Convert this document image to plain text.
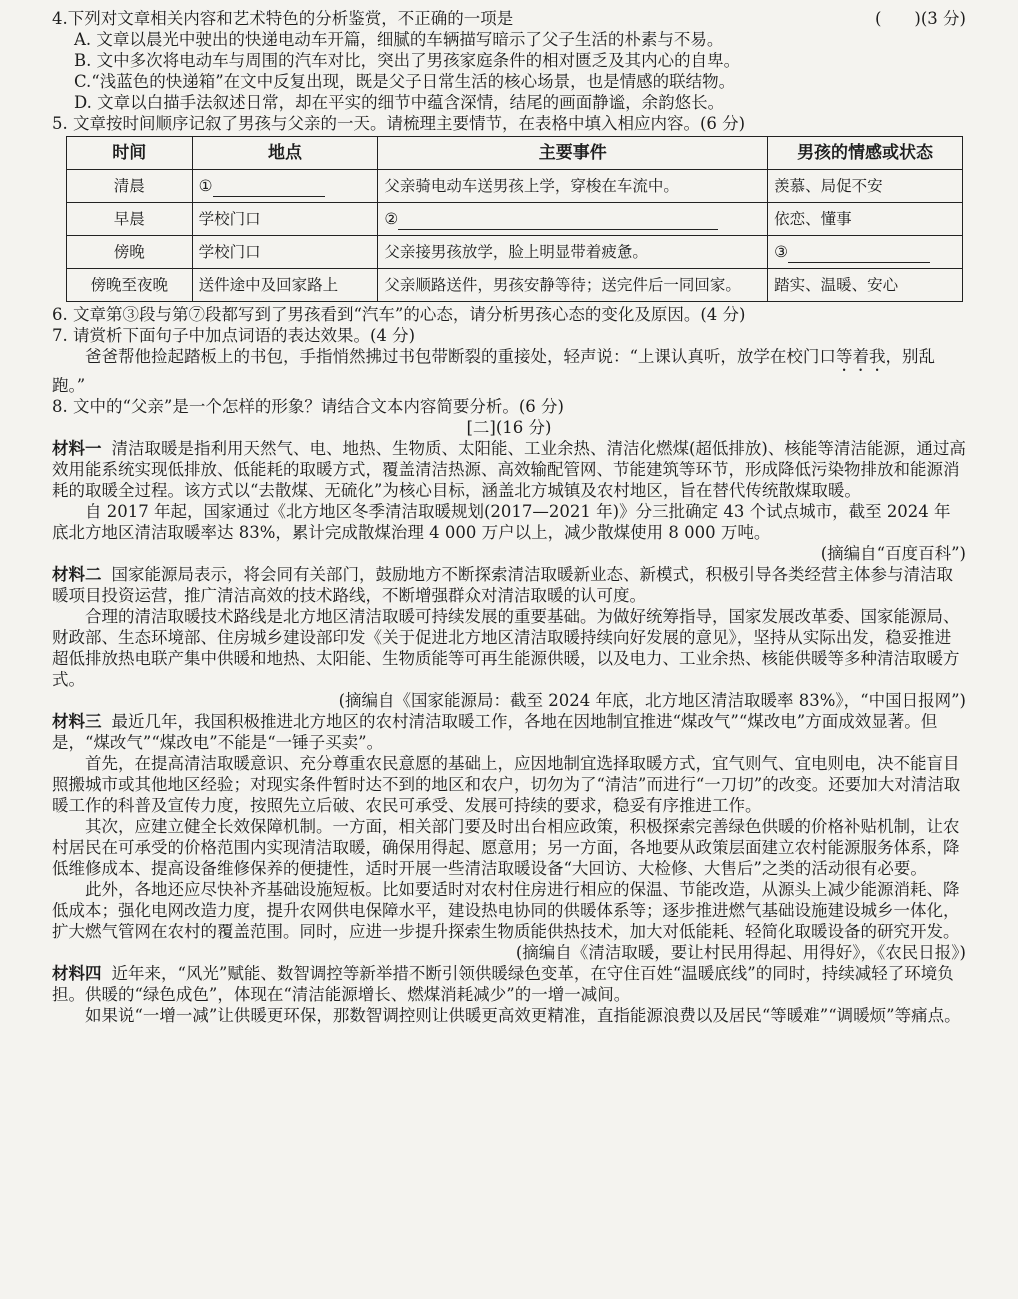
4.下列对文章相关内容和艺术特色的分析鉴赏，不正确的一项是	(　　)(3 分)

A. 文章以晨光中驶出的快递电动车开篇，细腻的车辆描写暗示了父子生活的朴素与不易。

B. 文中多次将电动车与周围的汽车对比，突出了男孩家庭条件的相对匮乏及其内心的自卑。

C.“浅蓝色的快递箱”在文中反复出现，既是父子日常生活的核心场景，也是情感的联结物。

D. 文章以白描手法叙述日常，却在平实的细节中蕴含深情，结尾的画面静谧，余韵悠长。

5. 文章按时间顺序记叙了男孩与父亲的一天。请梳理主要情节，在表格中填入相应内容。(6 分)

时间	地点	主要事件	男孩的情感或状态
清晨	①	父亲骑电动车送男孩上学，穿梭在车流中。	羡慕、局促不安
早晨	学校门口	②	依恋、懂事
傍晚	学校门口	父亲接男孩放学，脸上明显带着疲惫。	③
傍晚至夜晚	送件途中及回家路上	父亲顺路送件，男孩安静等待；送完件后一同回家。	踏实、温暖、安心

6. 文章第③段与第⑦段都写到了男孩看到“汽车”的心态，请分析男孩心态的变化及原因。(4 分)

7. 请赏析下面句子中加点词语的表达效果。(4 分)

爸爸帮他捡起踏板上的书包，手指悄然拂过书包带断裂的重接处，轻声说：“上课认真听，放学在校门口等着我，别乱跑。”

8. 文中的“父亲”是一个怎样的形象？请结合文本内容简要分析。(6 分)

[二](16 分)

材料一 清洁取暖是指利用天然气、电、地热、生物质、太阳能、工业余热、清洁化燃煤(超低排放)、核能等清洁能源，通过高效用能系统实现低排放、低能耗的取暖方式，覆盖清洁热源、高效输配管网、节能建筑等环节，形成降低污染物排放和能源消耗的取暖全过程。该方式以“去散煤、无硫化”为核心目标，涵盖北方城镇及农村地区，旨在替代传统散煤取暖。

自 2017 年起，国家通过《北方地区冬季清洁取暖规划(2017—2021 年)》分三批确定 43 个试点城市，截至 2024 年底北方地区清洁取暖率达 83%，累计完成散煤治理 4 000 万户以上，减少散煤使用 8 000 万吨。

(摘编自“百度百科”)

材料二 国家能源局表示，将会同有关部门，鼓励地方不断探索清洁取暖新业态、新模式，积极引导各类经营主体参与清洁取暖项目投资运营，推广清洁高效的技术路线，不断增强群众对清洁取暖的认可度。

合理的清洁取暖技术路线是北方地区清洁取暖可持续发展的重要基础。为做好统筹指导，国家发展改革委、国家能源局、财政部、生态环境部、住房城乡建设部印发《关于促进北方地区清洁取暖持续向好发展的意见》，坚持从实际出发，稳妥推进超低排放热电联产集中供暖和地热、太阳能、生物质能等可再生能源供暖，以及电力、工业余热、核能供暖等多种清洁取暖方式。

(摘编自《国家能源局：截至 2024 年底，北方地区清洁取暖率 83%》，“中国日报网”)

材料三 最近几年，我国积极推进北方地区的农村清洁取暖工作，各地在因地制宜推进“煤改气”“煤改电”方面成效显著。但是，“煤改气”“煤改电”不能是“一锤子买卖”。

首先，在提高清洁取暖意识、充分尊重农民意愿的基础上，应因地制宜选择取暖方式，宜气则气、宜电则电，决不能盲目照搬城市或其他地区经验；对现实条件暂时达不到的地区和农户，切勿为了“清洁”而进行“一刀切”的改变。还要加大对清洁取暖工作的科普及宣传力度，按照先立后破、农民可承受、发展可持续的要求，稳妥有序推进工作。

其次，应建立健全长效保障机制。一方面，相关部门要及时出台相应政策，积极探索完善绿色供暖的价格补贴机制，让农村居民在可承受的价格范围内实现清洁取暖，确保用得起、愿意用；另一方面，各地要从政策层面建立农村能源服务体系，降低维修成本、提高设备维修保养的便捷性，适时开展一些清洁取暖设备“大回访、大检修、大售后”之类的活动很有必要。

此外，各地还应尽快补齐基础设施短板。比如要适时对农村住房进行相应的保温、节能改造，从源头上减少能源消耗、降低成本；强化电网改造力度，提升农网供电保障水平，建设热电协同的供暖体系等；逐步推进燃气基础设施建设城乡一体化，扩大燃气管网在农村的覆盖范围。同时，应进一步提升探索生物质能供热技术，加大对低能耗、轻简化取暖设备的研究开发。

(摘编自《清洁取暖，要让村民用得起、用得好》，《农民日报》)

材料四 近年来，“风光”赋能、数智调控等新举措不断引领供暖绿色变革，在守住百姓“温暖底线”的同时，持续减轻了环境负担。供暖的“绿色成色”，体现在“清洁能源增长、燃煤消耗减少”的一增一减间。

如果说“一增一减”让供暖更环保，那数智调控则让供暖更高效更精准，直指能源浪费以及居民“等暖难”“调暖烦”等痛点。
